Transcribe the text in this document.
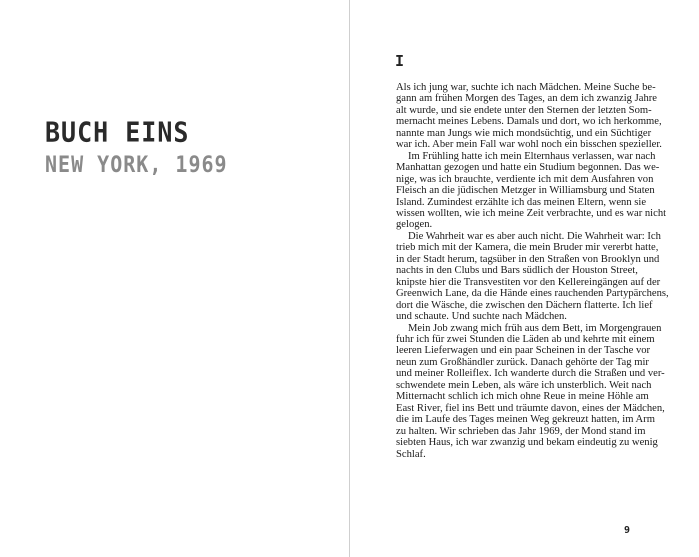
BUCH EINS
NEW YORK, 1969
I
Als ich jung war, suchte ich nach Mädchen. Meine Suche be-
gann am frühen Morgen des Tages, an dem ich zwanzig Jahre
alt wurde, und sie endete unter den Sternen der letzten Som-
mernacht meines Lebens. Damals und dort, wo ich herkomme,
nannte man Jungs wie mich mondsüchtig, und ein Süchtiger
war ich. Aber mein Fall war wohl noch ein bisschen spezieller.
Im Frühling hatte ich mein Elternhaus verlassen, war nach
Manhattan gezogen und hatte ein Studium begonnen. Das we-
nige, was ich brauchte, verdiente ich mit dem Ausfahren von
Fleisch an die jüdischen Metzger in Williamsburg und Staten
Island. Zumindest erzählte ich das meinen Eltern, wenn sie
wissen wollten, wie ich meine Zeit verbrachte, und es war nicht
gelogen.
Die Wahrheit war es aber auch nicht. Die Wahrheit war: Ich
trieb mich mit der Kamera, die mein Bruder mir vererbt hatte,
in der Stadt herum, tagsüber in den Straßen von Brooklyn und
nachts in den Clubs und Bars südlich der Houston Street,
knipste hier die Transvestiten vor den Kellereingängen auf der
Greenwich Lane, da die Hände eines rauchenden Partypärchens,
dort die Wäsche, die zwischen den Dächern flatterte. Ich lief
und schaute. Und suchte nach Mädchen.
Mein Job zwang mich früh aus dem Bett, im Morgengrauen
fuhr ich für zwei Stunden die Läden ab und kehrte mit einem
leeren Lieferwagen und ein paar Scheinen in der Tasche vor
neun zum Großhändler zurück. Danach gehörte der Tag mir
und meiner Rolleiflex. Ich wanderte durch die Straßen und ver-
schwendete mein Leben, als wäre ich unsterblich. Weit nach
Mitternacht schlich ich mich ohne Reue in meine Höhle am
East River, fiel ins Bett und träumte davon, eines der Mädchen,
die im Laufe des Tages meinen Weg gekreuzt hatten, im Arm
zu halten. Wir schrieben das Jahr 1969, der Mond stand im
siebten Haus, ich war zwanzig und bekam eindeutig zu wenig
Schlaf.
9
